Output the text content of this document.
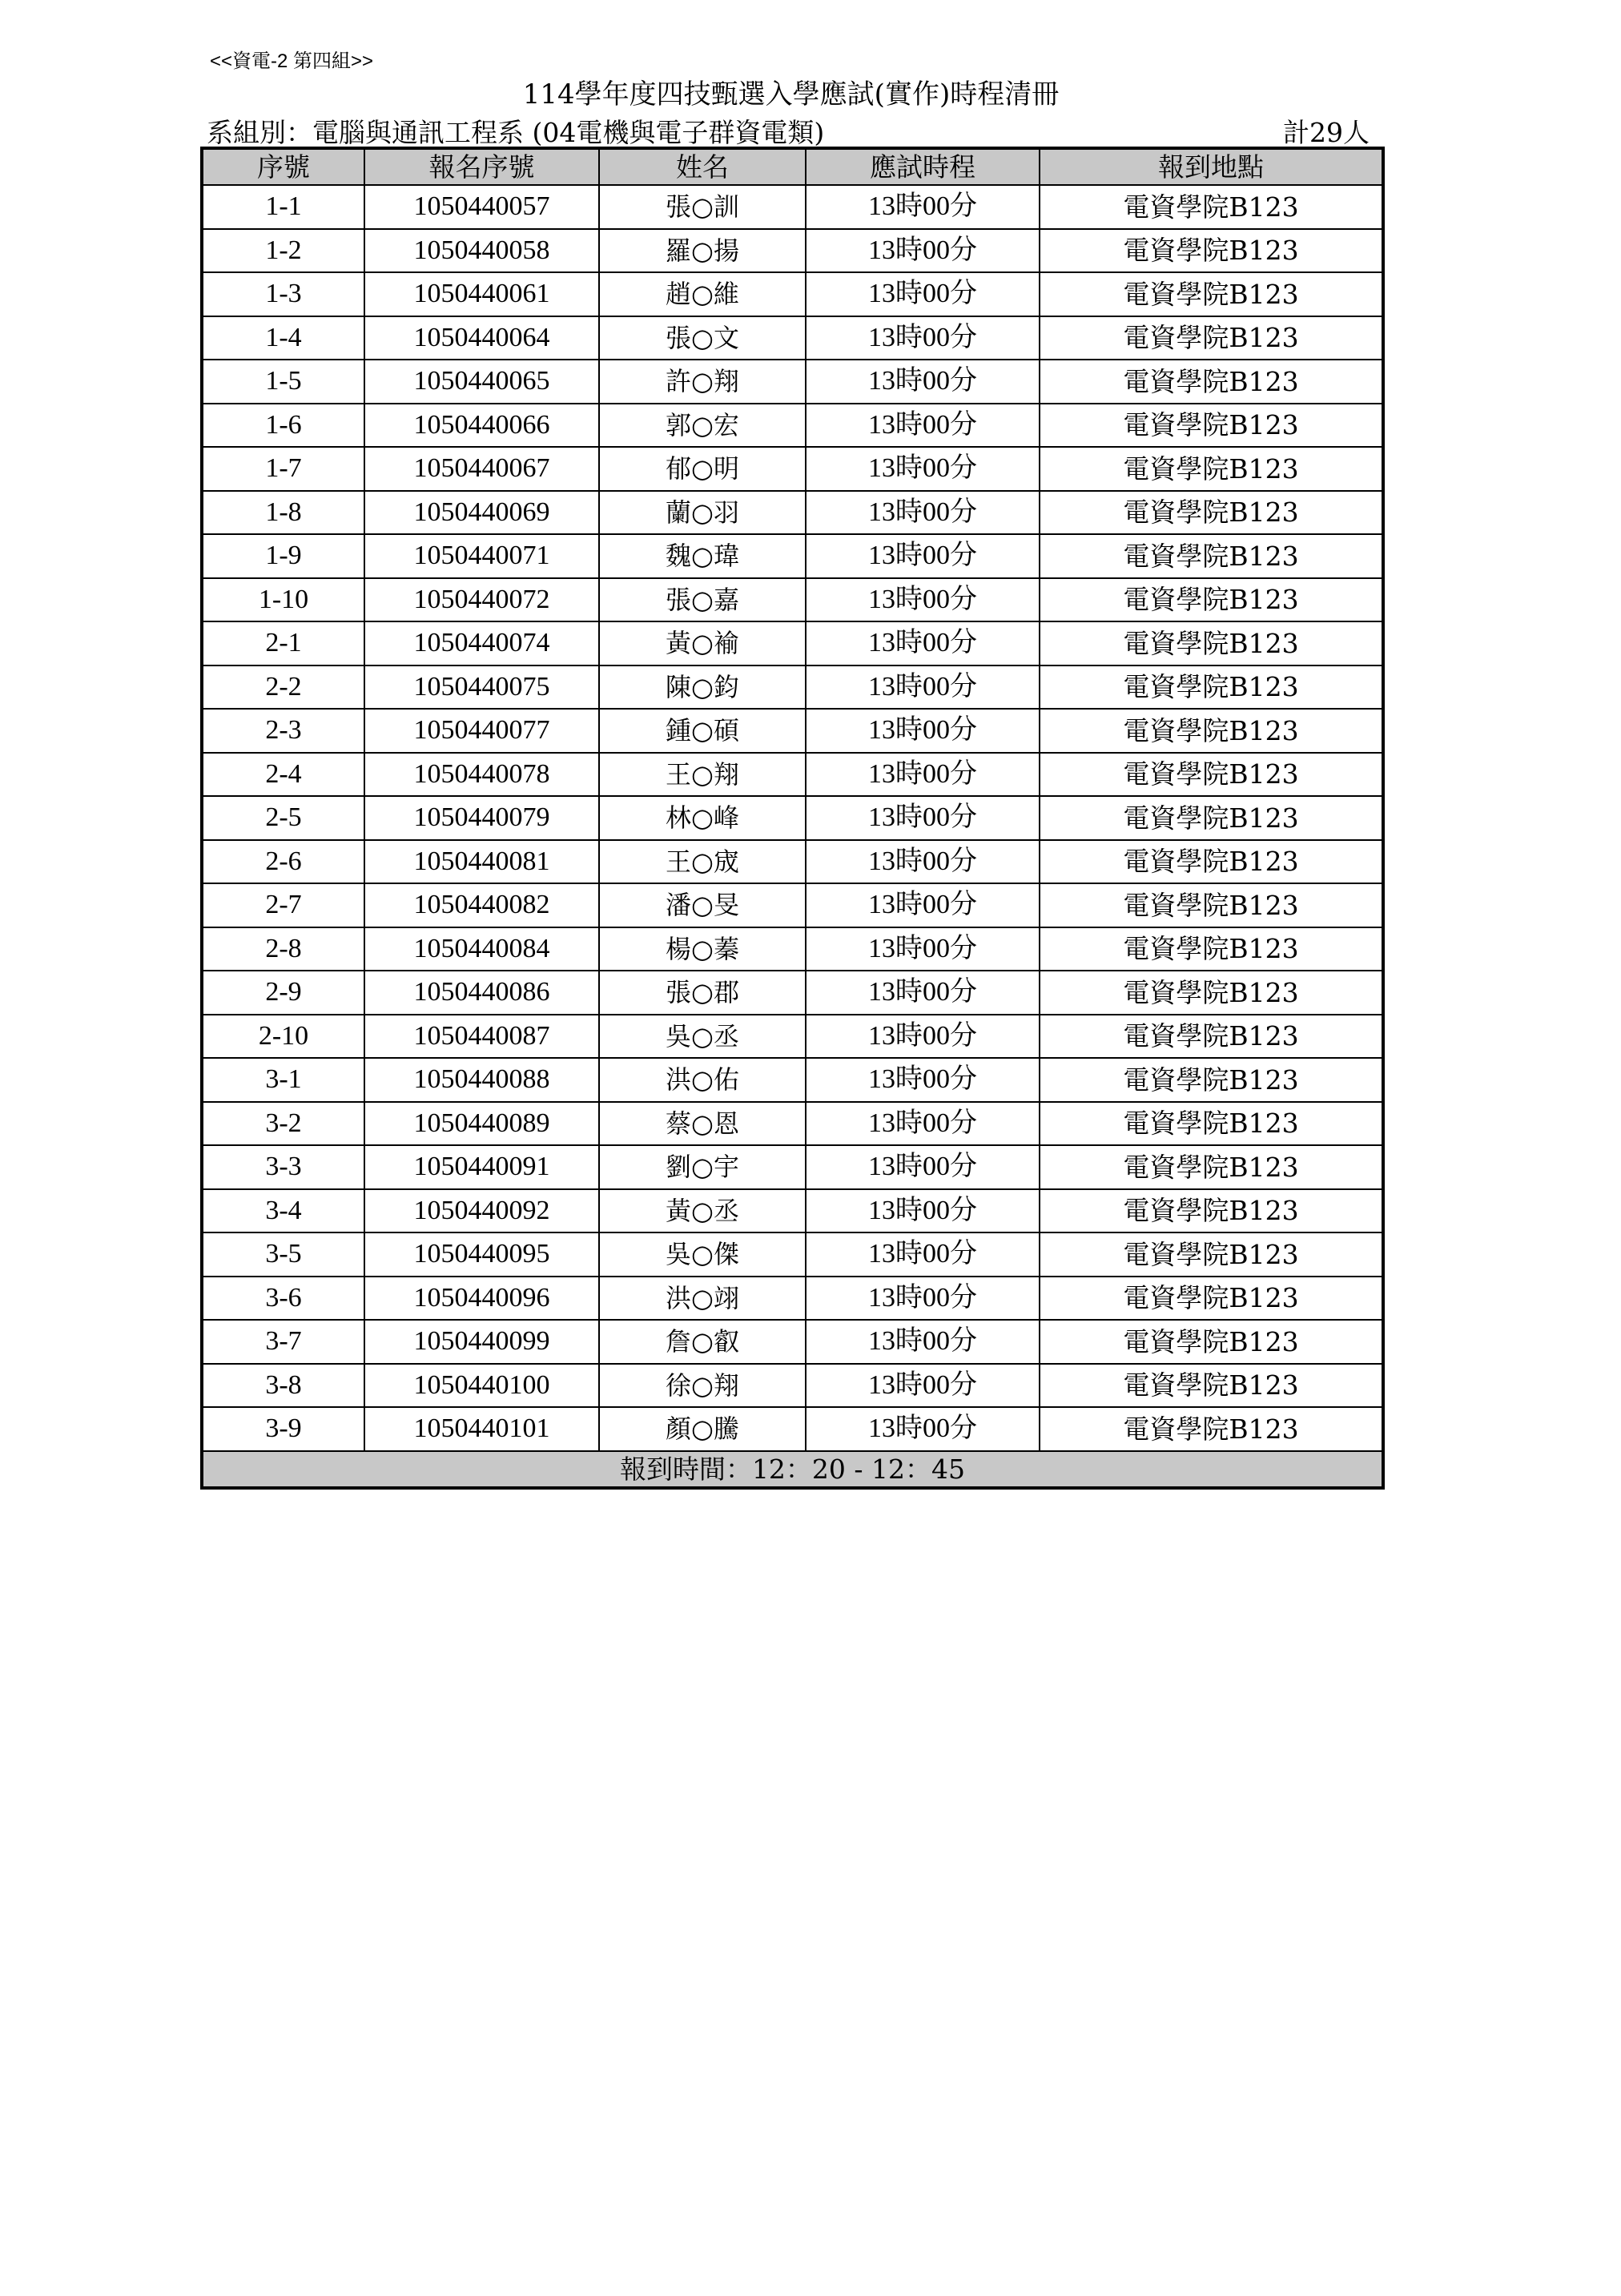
<<資電-2 第四組>>
114學年度四技甄選入學應試(實作)時程清冊
系組別：電腦與通訊工程系 (04電機與電子群資電類)	計29人
序號	報名序號	姓名	應試時程	報到地點
1-1	1050440057	張○訓	13時00分	電資學院B123
1-2	1050440058	羅○揚	13時00分	電資學院B123
1-3	1050440061	趙○維	13時00分	電資學院B123
1-4	1050440064	張○文	13時00分	電資學院B123
1-5	1050440065	許○翔	13時00分	電資學院B123
1-6	1050440066	郭○宏	13時00分	電資學院B123
1-7	1050440067	郁○明	13時00分	電資學院B123
1-8	1050440069	蘭○羽	13時00分	電資學院B123
1-9	1050440071	魏○瑋	13時00分	電資學院B123
1-10	1050440072	張○嘉	13時00分	電資學院B123
2-1	1050440074	黃○褕	13時00分	電資學院B123
2-2	1050440075	陳○鈞	13時00分	電資學院B123
2-3	1050440077	鍾○碩	13時00分	電資學院B123
2-4	1050440078	王○翔	13時00分	電資學院B123
2-5	1050440079	林○峰	13時00分	電資學院B123
2-6	1050440081	王○宬	13時00分	電資學院B123
2-7	1050440082	潘○旻	13時00分	電資學院B123
2-8	1050440084	楊○蓁	13時00分	電資學院B123
2-9	1050440086	張○郡	13時00分	電資學院B123
2-10	1050440087	吳○丞	13時00分	電資學院B123
3-1	1050440088	洪○佑	13時00分	電資學院B123
3-2	1050440089	蔡○恩	13時00分	電資學院B123
3-3	1050440091	劉○宇	13時00分	電資學院B123
3-4	1050440092	黃○丞	13時00分	電資學院B123
3-5	1050440095	吳○傑	13時00分	電資學院B123
3-6	1050440096	洪○翊	13時00分	電資學院B123
3-7	1050440099	詹○叡	13時00分	電資學院B123
3-8	1050440100	徐○翔	13時00分	電資學院B123
3-9	1050440101	顏○騰	13時00分	電資學院B123
報到時間：12：20 - 12：45				
